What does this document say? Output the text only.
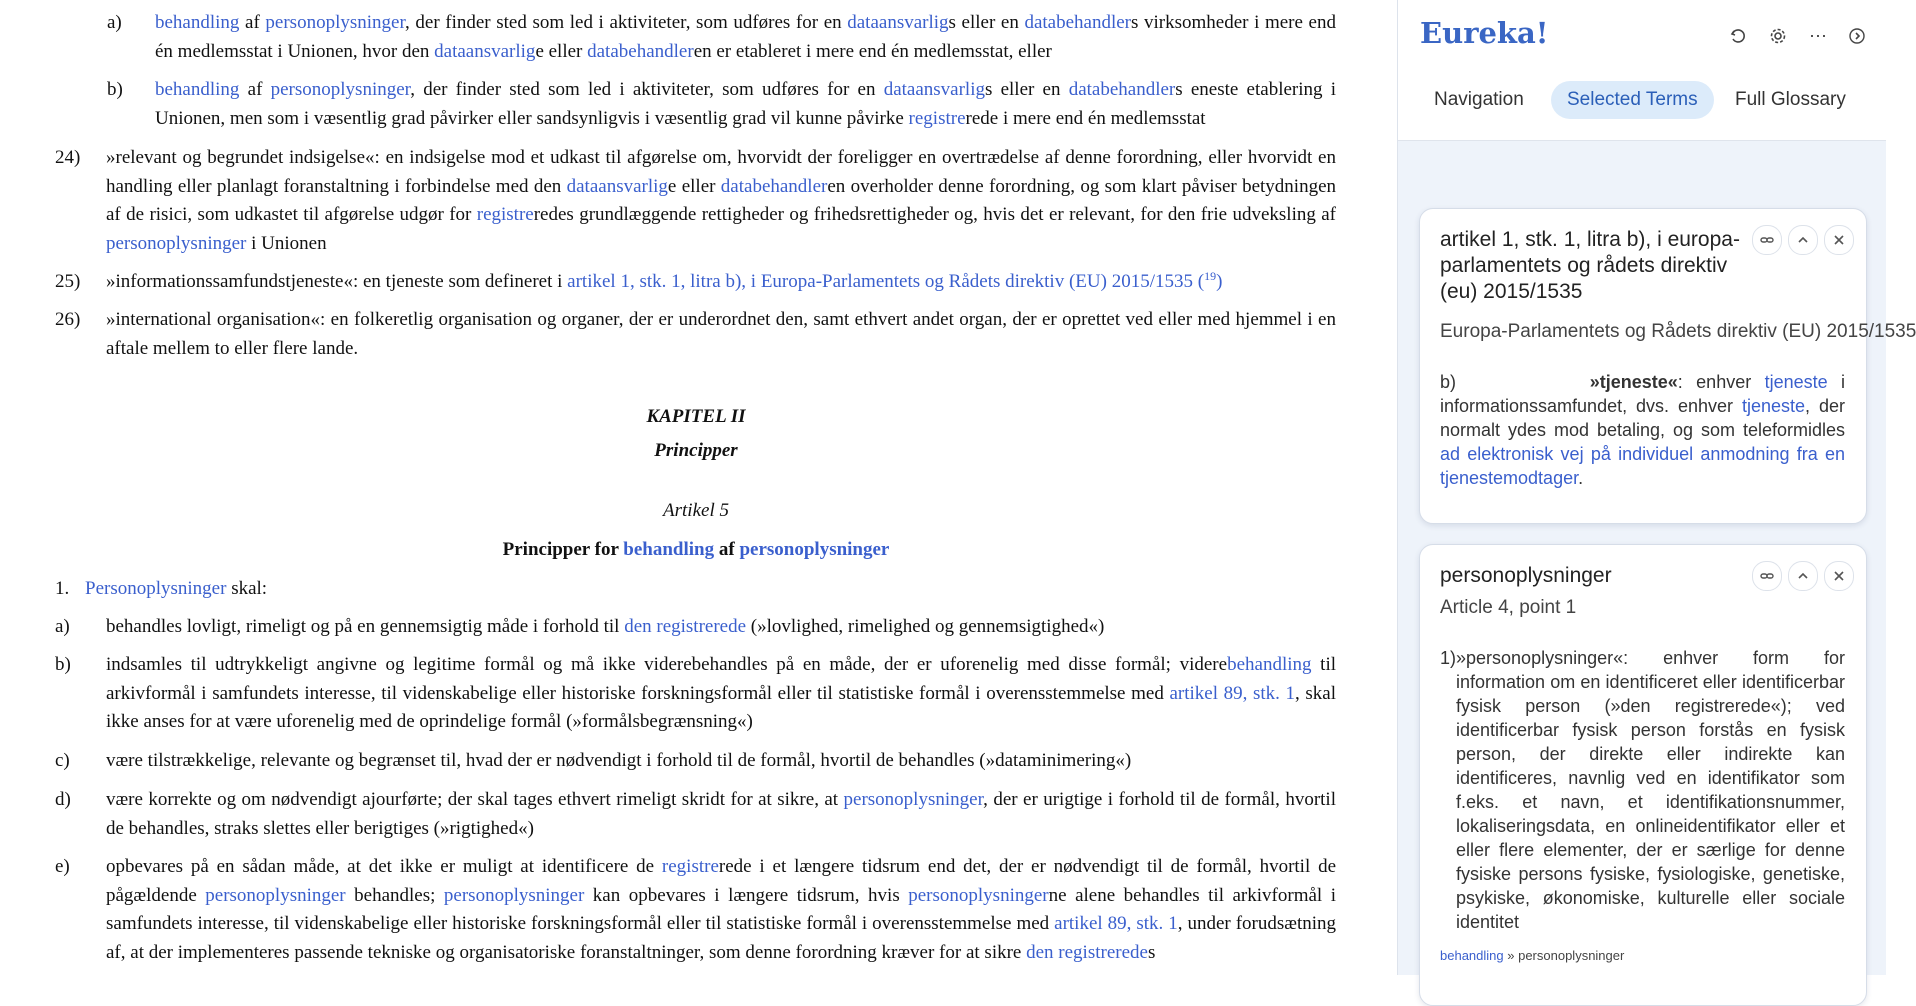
a) behandling af personoplysninger, der finder sted som led i aktiviteter, som udføres for en dataansvarligs eller en databehandlers virksomheder i mere end én medlemsstat i Unionen, hvor den dataansvarlige eller databehandleren er etableret i mere end én medlemsstat, eller
b) behandling af personoplysninger, der finder sted som led i aktiviteter, som udføres for en dataansvarligs eller en databehandlers eneste etablering i Unionen, men som i væsentlig grad påvirker eller sandsynligvis i væsentlig grad vil kunne påvirke registrerede i mere end én medlemsstat
24) »relevant og begrundet indsigelse«: en indsigelse mod et udkast til afgørelse om, hvorvidt der foreligger en overtrædelse af denne forordning, eller hvorvidt en handling eller planlagt foranstaltning i forbindelse med den dataansvarlige eller databehandleren overholder denne forordning, og som klart påviser betydningen af de risici, som udkastet til afgørelse udgør for registreredes grundlæggende rettigheder og frihedsrettigheder og, hvis det er relevant, for den frie udveksling af personoplysninger i Unionen
25) »informationssamfundstjeneste«: en tjeneste som defineret i artikel 1, stk. 1, litra b), i Europa-Parlamentets og Rådets direktiv (EU) 2015/1535 ($^{19}$)
26) »international organisation«: en folkeretlig organisation og organer, der er underordnet den, samt ethvert andet organ, der er oprettet ved eller med hjemmel i en aftale mellem to eller flere lande.
KAPITEL II
Principper
Artikel 5
Principper for behandling af personoplysninger
1. Personoplysninger skal:
a) behandles lovligt, rimeligt og på en gennemsigtig måde i forhold til den registrerede (»lovlighed, rimelighed og gennemsigtighed«)
b) indsamles til udtrykkeligt angivne og legitime formål og må ikke viderebehandles på en måde, der er uforenelig med disse formål; viderebehandling til arkivformål i samfundets interesse, til videnskabelige eller historiske forskningsformål eller til statistiske formål i overensstemmelse med artikel 89, stk. 1, skal ikke anses for at være uforenelig med de oprindelige formål (»formålsbegrænsning«)
c) være tilstrækkelige, relevante og begrænset til, hvad der er nødvendigt i forhold til de formål, hvortil de behandles (»dataminimering«)
d) være korrekte og om nødvendigt ajourførte; der skal tages ethvert rimeligt skridt for at sikre, at personoplysninger, der er urigtige i forhold til de formål, hvortil de behandles, straks slettes eller berigtiges (»rigtighed«)
e) opbevares på en sådan måde, at det ikke er muligt at identificere de registrerede i et længere tidsrum end det, der er nødvendigt til de formål, hvortil de pågældende personoplysninger behandles; personoplysninger kan opbevares i længere tidsrum, hvis personoplysningerne alene behandles til arkivformål i samfundets interesse, til videnskabelige eller historiske forskningsformål eller til statistiske formål i overensstemmelse med artikel 89, stk. 1, under forudsætning af, at der implementeres passende tekniske og organisatoriske foranstaltninger, som denne forordning kræver for at sikre den registreredes
Eureka!	⋯
Navigation	Selected Terms	Full Glossary
artikel 1, stk. 1, litra b), i europa-parlamentets og rådets direktiv (eu) 2015/1535
Europa-Parlamentets og Rådets direktiv (EU) 2015/1535
b)	»tjeneste«: enhver tjeneste i informationssamfundet, dvs. enhver tjeneste, der normalt ydes mod betaling, og som teleformidles ad elektronisk vej på individuel anmodning fra en tjenestemodtager.
personoplysninger
Article 4, point 1
1)»personoplysninger«: enhver form for information om en identificeret eller identificerbar fysisk person (»den registrerede«); ved identificerbar fysisk person forstås en fysisk person, der direkte eller indirekte kan identificeres, navnlig ved en identifikator som f.eks. et navn, et identifikationsnummer, lokaliseringsdata, en onlineidentifikator eller et eller flere elementer, der er særlige for denne fysiske persons fysiske, fysiologiske, genetiske, psykiske, økonomiske, kulturelle eller sociale identitet
behandling » personoplysninger
